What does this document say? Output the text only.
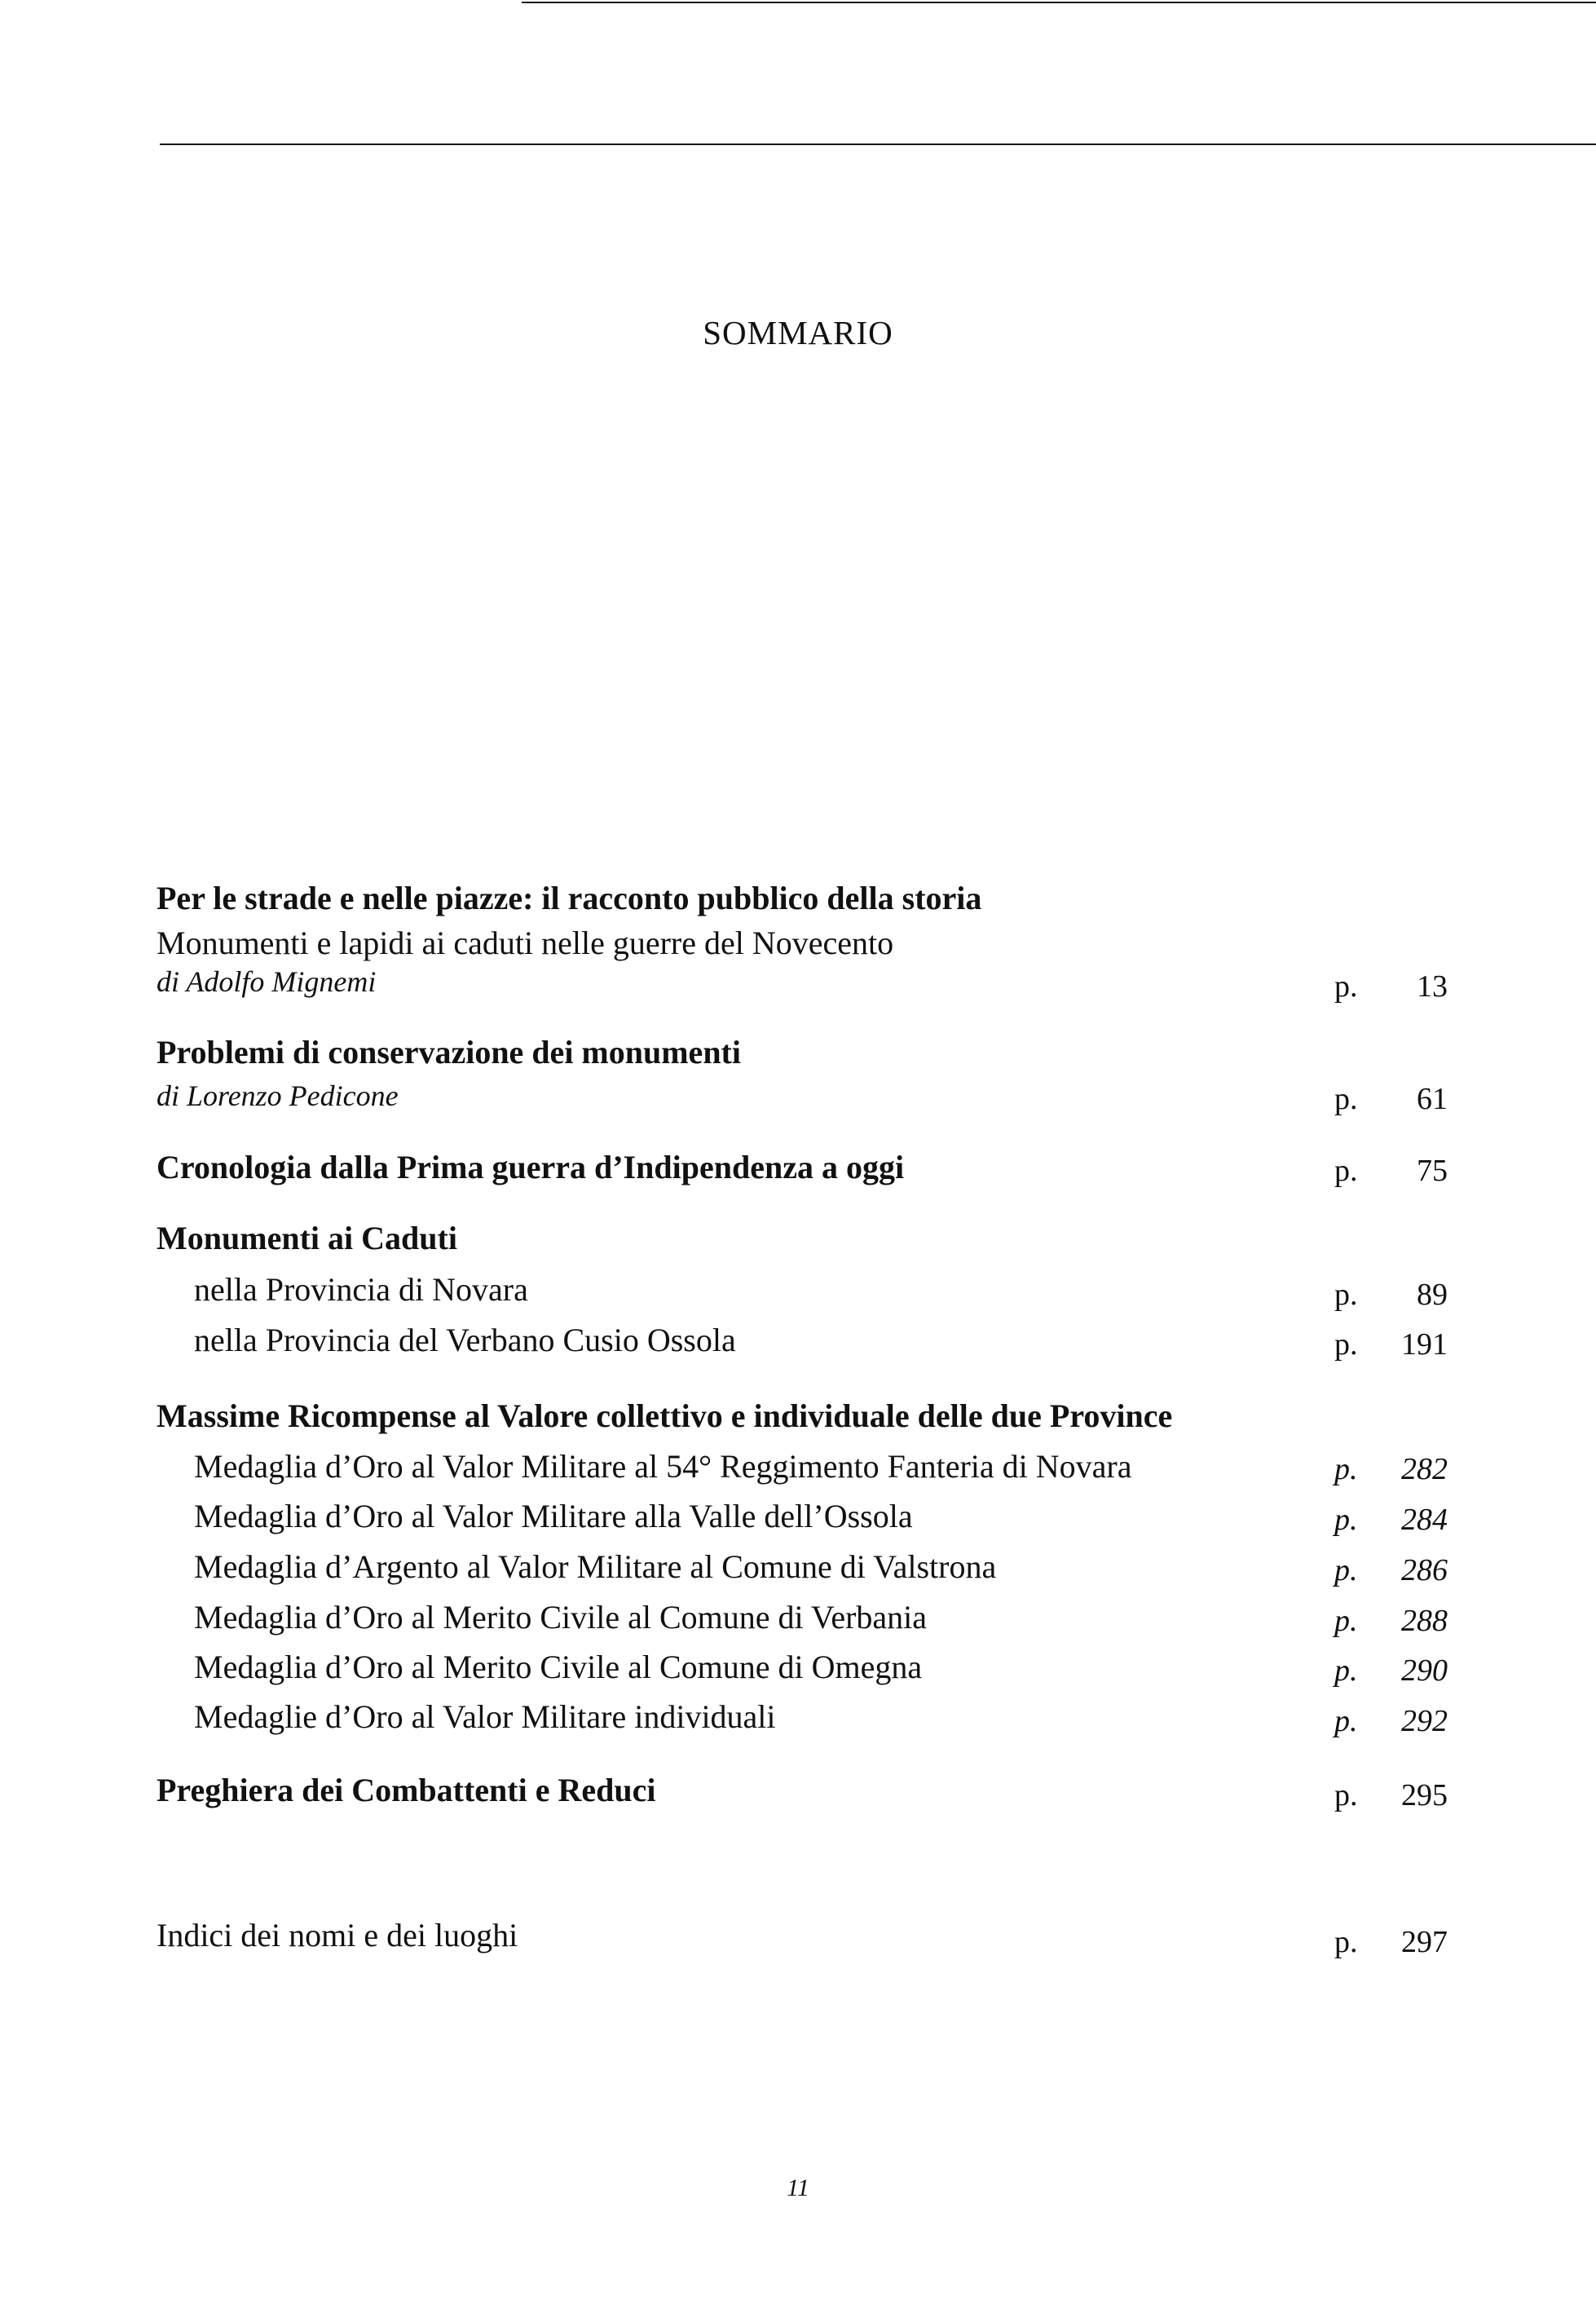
SOMMARIO
Per le strade e nelle piazze: il racconto pubblico della storia
Monumenti e lapidi ai caduti nelle guerre del Novecento
di Adolfo Mignemi	p. 13
Problemi di conservazione dei monumenti
di Lorenzo Pedicone	p. 61
Cronologia dalla Prima guerra d’Indipendenza a oggi	p. 75
Monumenti ai Caduti
nella Provincia di Novara	p. 89
nella Provincia del Verbano Cusio Ossola	p. 191
Massime Ricompense al Valore collettivo e individuale delle due Province
Medaglia d’Oro al Valor Militare al 54° Reggimento Fanteria di Novara	p. 282
Medaglia d’Oro al Valor Militare alla Valle dell’Ossola	p. 284
Medaglia d’Argento al Valor Militare al Comune di Valstrona	p. 286
Medaglia d’Oro al Merito Civile al Comune di Verbania	p. 288
Medaglia d’Oro al Merito Civile al Comune di Omegna	p. 290
Medaglie d’Oro al Valor Militare individuali	p. 292
Preghiera dei Combattenti e Reduci	p. 295
Indici dei nomi e dei luoghi	p. 297
11
